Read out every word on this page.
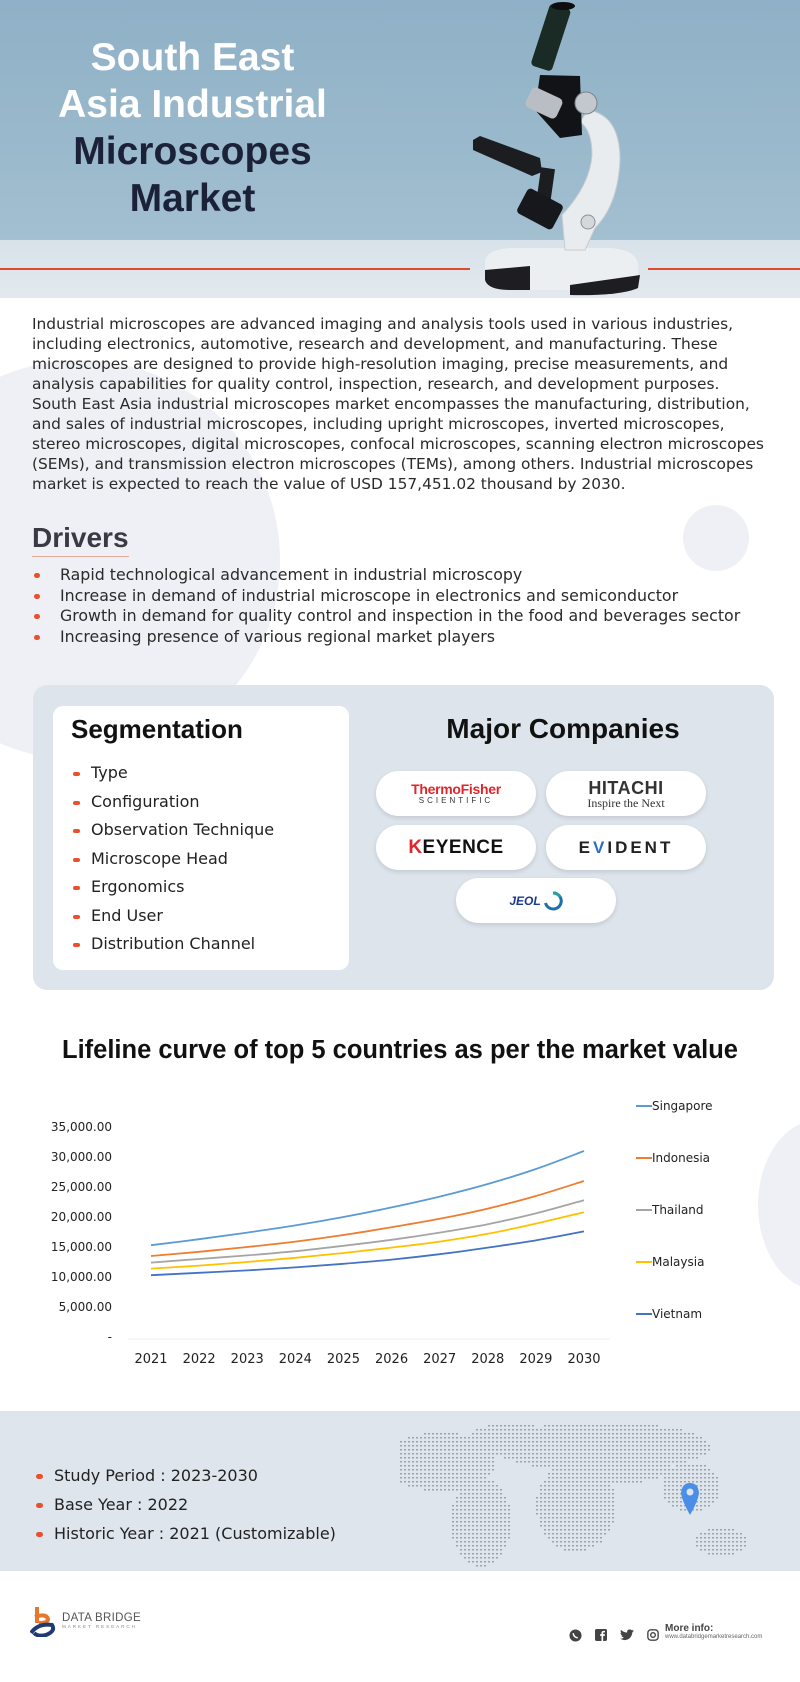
South East
Asia Industrial
Microscopes
Market

Industrial microscopes are advanced imaging and analysis tools used in various industries, including electronics, automotive, research and development, and manufacturing. These microscopes are designed to provide high-resolution imaging, precise measurements, and analysis capabilities for quality control, inspection, research, and development purposes. South East Asia industrial microscopes market encompasses the manufacturing, distribution, and sales of industrial microscopes, including upright microscopes, inverted microscopes, stereo microscopes, digital microscopes, confocal microscopes, scanning electron microscopes (SEMs), and transmission electron microscopes (TEMs), among others. Industrial microscopes market is expected to reach the value of USD 157,451.02 thousand by 2030.

Drivers
Rapid technological advancement in industrial microscopy
Increase in demand of industrial microscope in electronics and semiconductor
Growth in demand for quality control and inspection in the food and beverages sector
Increasing presence of various regional market players
Segmentation
Type
Configuration
Observation Technique
Microscope Head
Ergonomics
End User
Distribution Channel
Major Companies
ThermoFisher
SCIENTIFIC
HITACHI
Inspire the Next
KEYENCE	EVIDENT
JEOL
Lifeline curve of top 5 countries as per the market value
35,000.00
30,000.00
25,000.00
20,000.00
15,000.00
10,000.00
5,000.00
-
2021 2022 2023 2024 2025 2026 2027 2028 2029 2030
Singapore
Indonesia
Thailand
Malaysia
Vietnam
Study Period : 2023-2030
Base Year : 2022
Historic Year : 2021 (Customizable)
DATA BRIDGE
MARKET RESEARCH	More info:
www.databridgemarketresearch.com
